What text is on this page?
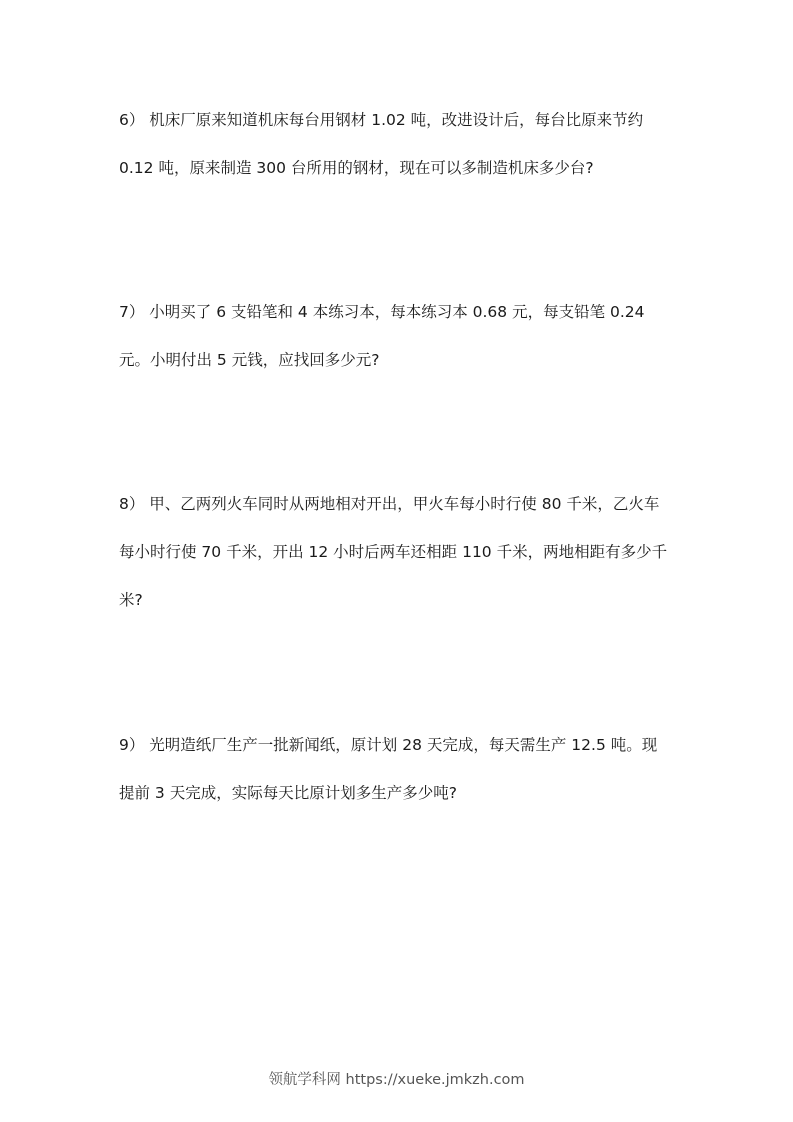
6） 机床厂原来知道机床每台用钢材 1.02 吨，改进设计后，每台比原来节约
0.12 吨，原来制造 300 台所用的钢材，现在可以多制造机床多少台?
7） 小明买了 6 支铅笔和 4 本练习本，每本练习本 0.68 元，每支铅笔 0.24
元。小明付出 5 元钱，应找回多少元?
8） 甲、乙两列火车同时从两地相对开出，甲火车每小时行使 80 千米，乙火车
每小时行使 70 千米，开出 12 小时后两车还相距 110 千米，两地相距有多少千
米?
9） 光明造纸厂生产一批新闻纸，原计划 28 天完成，每天需生产 12.5 吨。现
提前 3 天完成，实际每天比原计划多生产多少吨?
领航学科网 https://xueke.jmkzh.com
